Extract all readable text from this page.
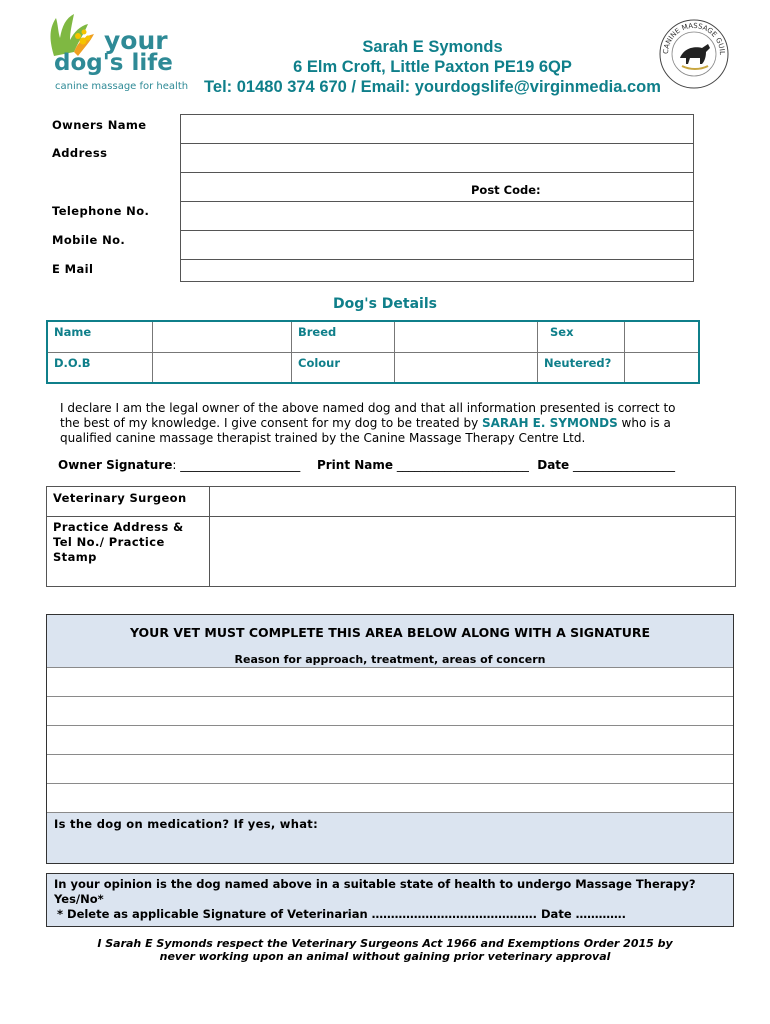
your
dog's life
canine massage for health
Sarah E Symonds
6 Elm Croft, Little Paxton PE19 6QP
Tel: 01480 374 670 / Email: yourdogslife@virginmedia.com
CANINE MASSAGE GUIL
Owners Name	
Address	
	Post Code:
Telephone No.	
Mobile No.	
E Mail	
Dog's Details
Name		Breed		Sex	
D.O.B		Colour		Neutered?	
I declare I am the legal owner of the above named dog and that all information presented is correct to the best of my knowledge. I give consent for my dog to be treated by SARAH E. SYMONDS who is a qualified canine massage therapist trained by the Canine Massage Therapy Centre Ltd.
Owner Signature: ____________________ Print Name ______________________ Date _________________
Veterinary Surgeon	
Practice Address & Tel No./ Practice Stamp	
YOUR VET MUST COMPLETE THIS AREA BELOW ALONG WITH A SIGNATURE
Reason for approach, treatment, areas of concern
Is the dog on medication? If yes, what:
In your opinion is the dog named above in a suitable state of health to undergo Massage Therapy?
Yes/No*
* Delete as applicable Signature of Veterinarian ……………………………………. Date ………….
I Sarah E Symonds respect the Veterinary Surgeons Act 1966 and Exemptions Order 2015 by
never working upon an animal without gaining prior veterinary approval
